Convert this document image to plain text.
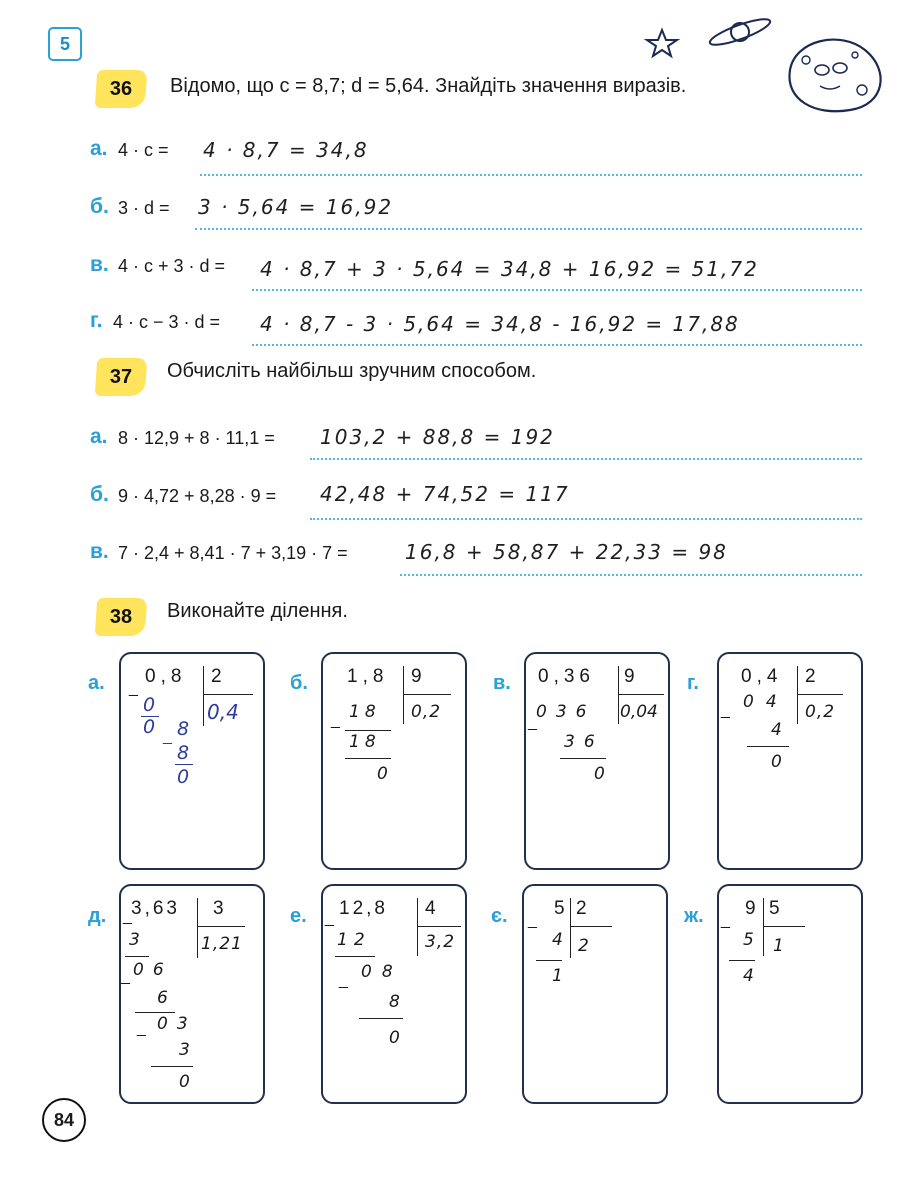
5
36	Відомо, що c = 8,7; d = 5,64. Знайдіть значення виразів.
а. 4 · c = 4 · 8,7 = 34,8
б. 3 · d = 3 · 5,64 = 16,92
в. 4 · c + 3 · d = 4 · 8,7 + 3 · 5,64 = 34,8 + 16,92 = 51,72
г. 4 · c − 3 · d = 4 · 8,7 - 3 · 5,64 = 34,8 - 16,92 = 17,88
37	Обчисліть найбільш зручним способом.
а. 8 · 12,9 + 8 · 11,1 = 103,2 + 88,8 = 192
б. 9 · 4,72 + 8,28 · 9 = 42,48 + 74,52 = 117
в. 7 · 2,4 + 8,41 · 7 + 3,19 · 7 =	16,8 + 58,87 + 22,33 = 98
38	Виконайте ділення.
а. 0,8 2
0,4
_
0
0 8
_
8
0
б. 1,8 9
0,2
18
_
18
0
в. 0,36 9
0,04
036
_
36
0
г. 0,4 2
0,2
04
_
4
0
д. 3,63 3
1,21
_
3
06
_
6
03
_
3
0
е. 12,8 4
3,2
_
12
08
_
8
0
є. 5 2
2
_
4
1
ж. 9 5
1
_
5
4
84
